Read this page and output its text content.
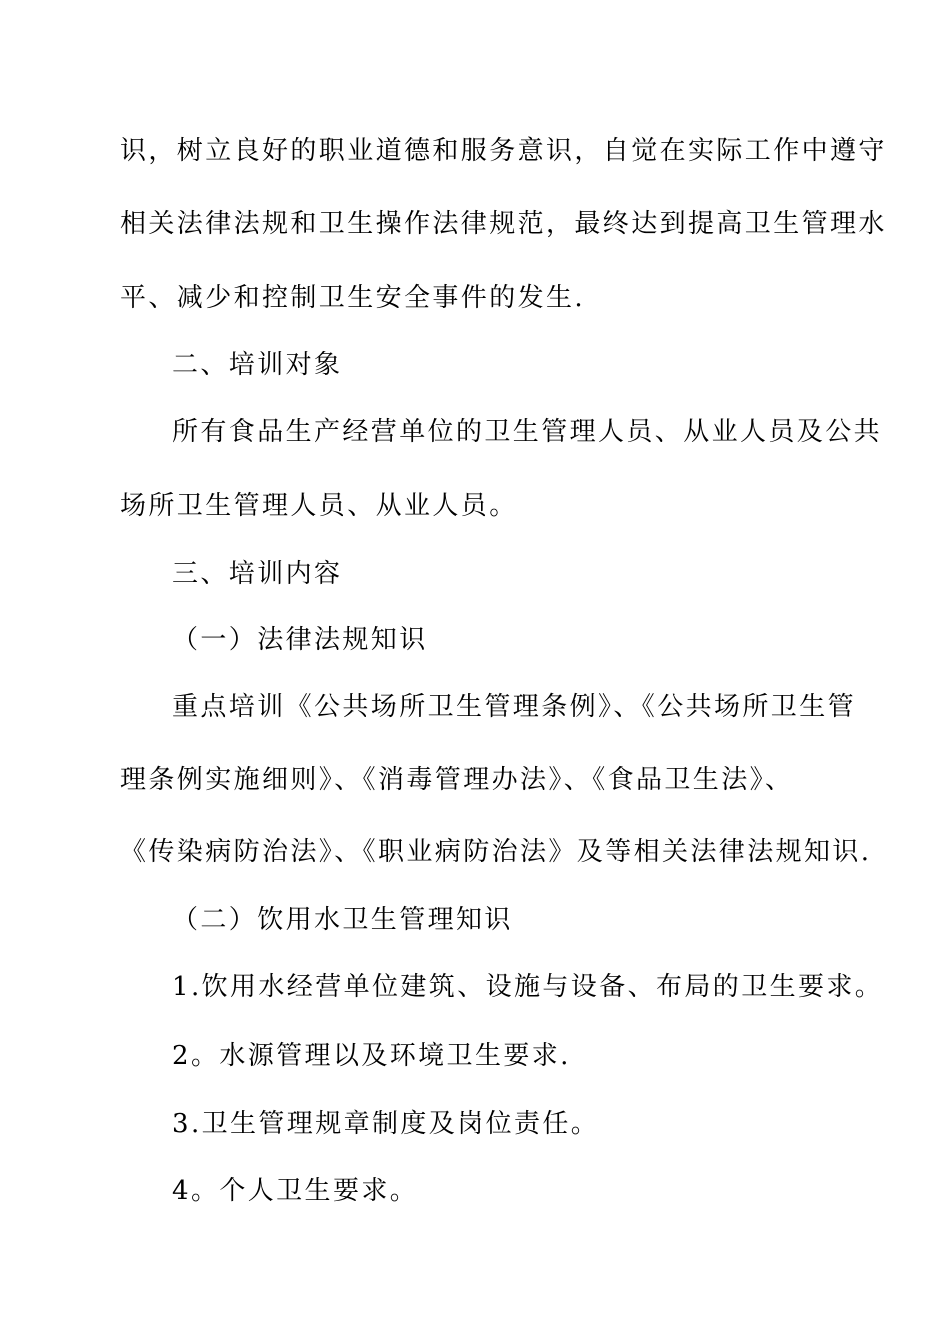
识，树立良好的职业道德和服务意识，自觉在实际工作中遵守
相关法律法规和卫生操作法律规范，最终达到提高卫生管理水
平、减少和控制卫生安全事件的发生.
二、培训对象
所有食品生产经营单位的卫生管理人员、从业人员及公共
场所卫生管理人员、从业人员。
三、培训内容
（一）法律法规知识
重点培训《公共场所卫生管理条例》、《公共场所卫生管
理条例实施细则》、《消毒管理办法》、《食品卫生法》、
《传染病防治法》、《职业病防治法》及等相关法律法规知识.
（二）饮用水卫生管理知识
1.饮用水经营单位建筑、设施与设备、布局的卫生要求。
2。水源管理以及环境卫生要求.
3.卫生管理规章制度及岗位责任。
4。个人卫生要求。
